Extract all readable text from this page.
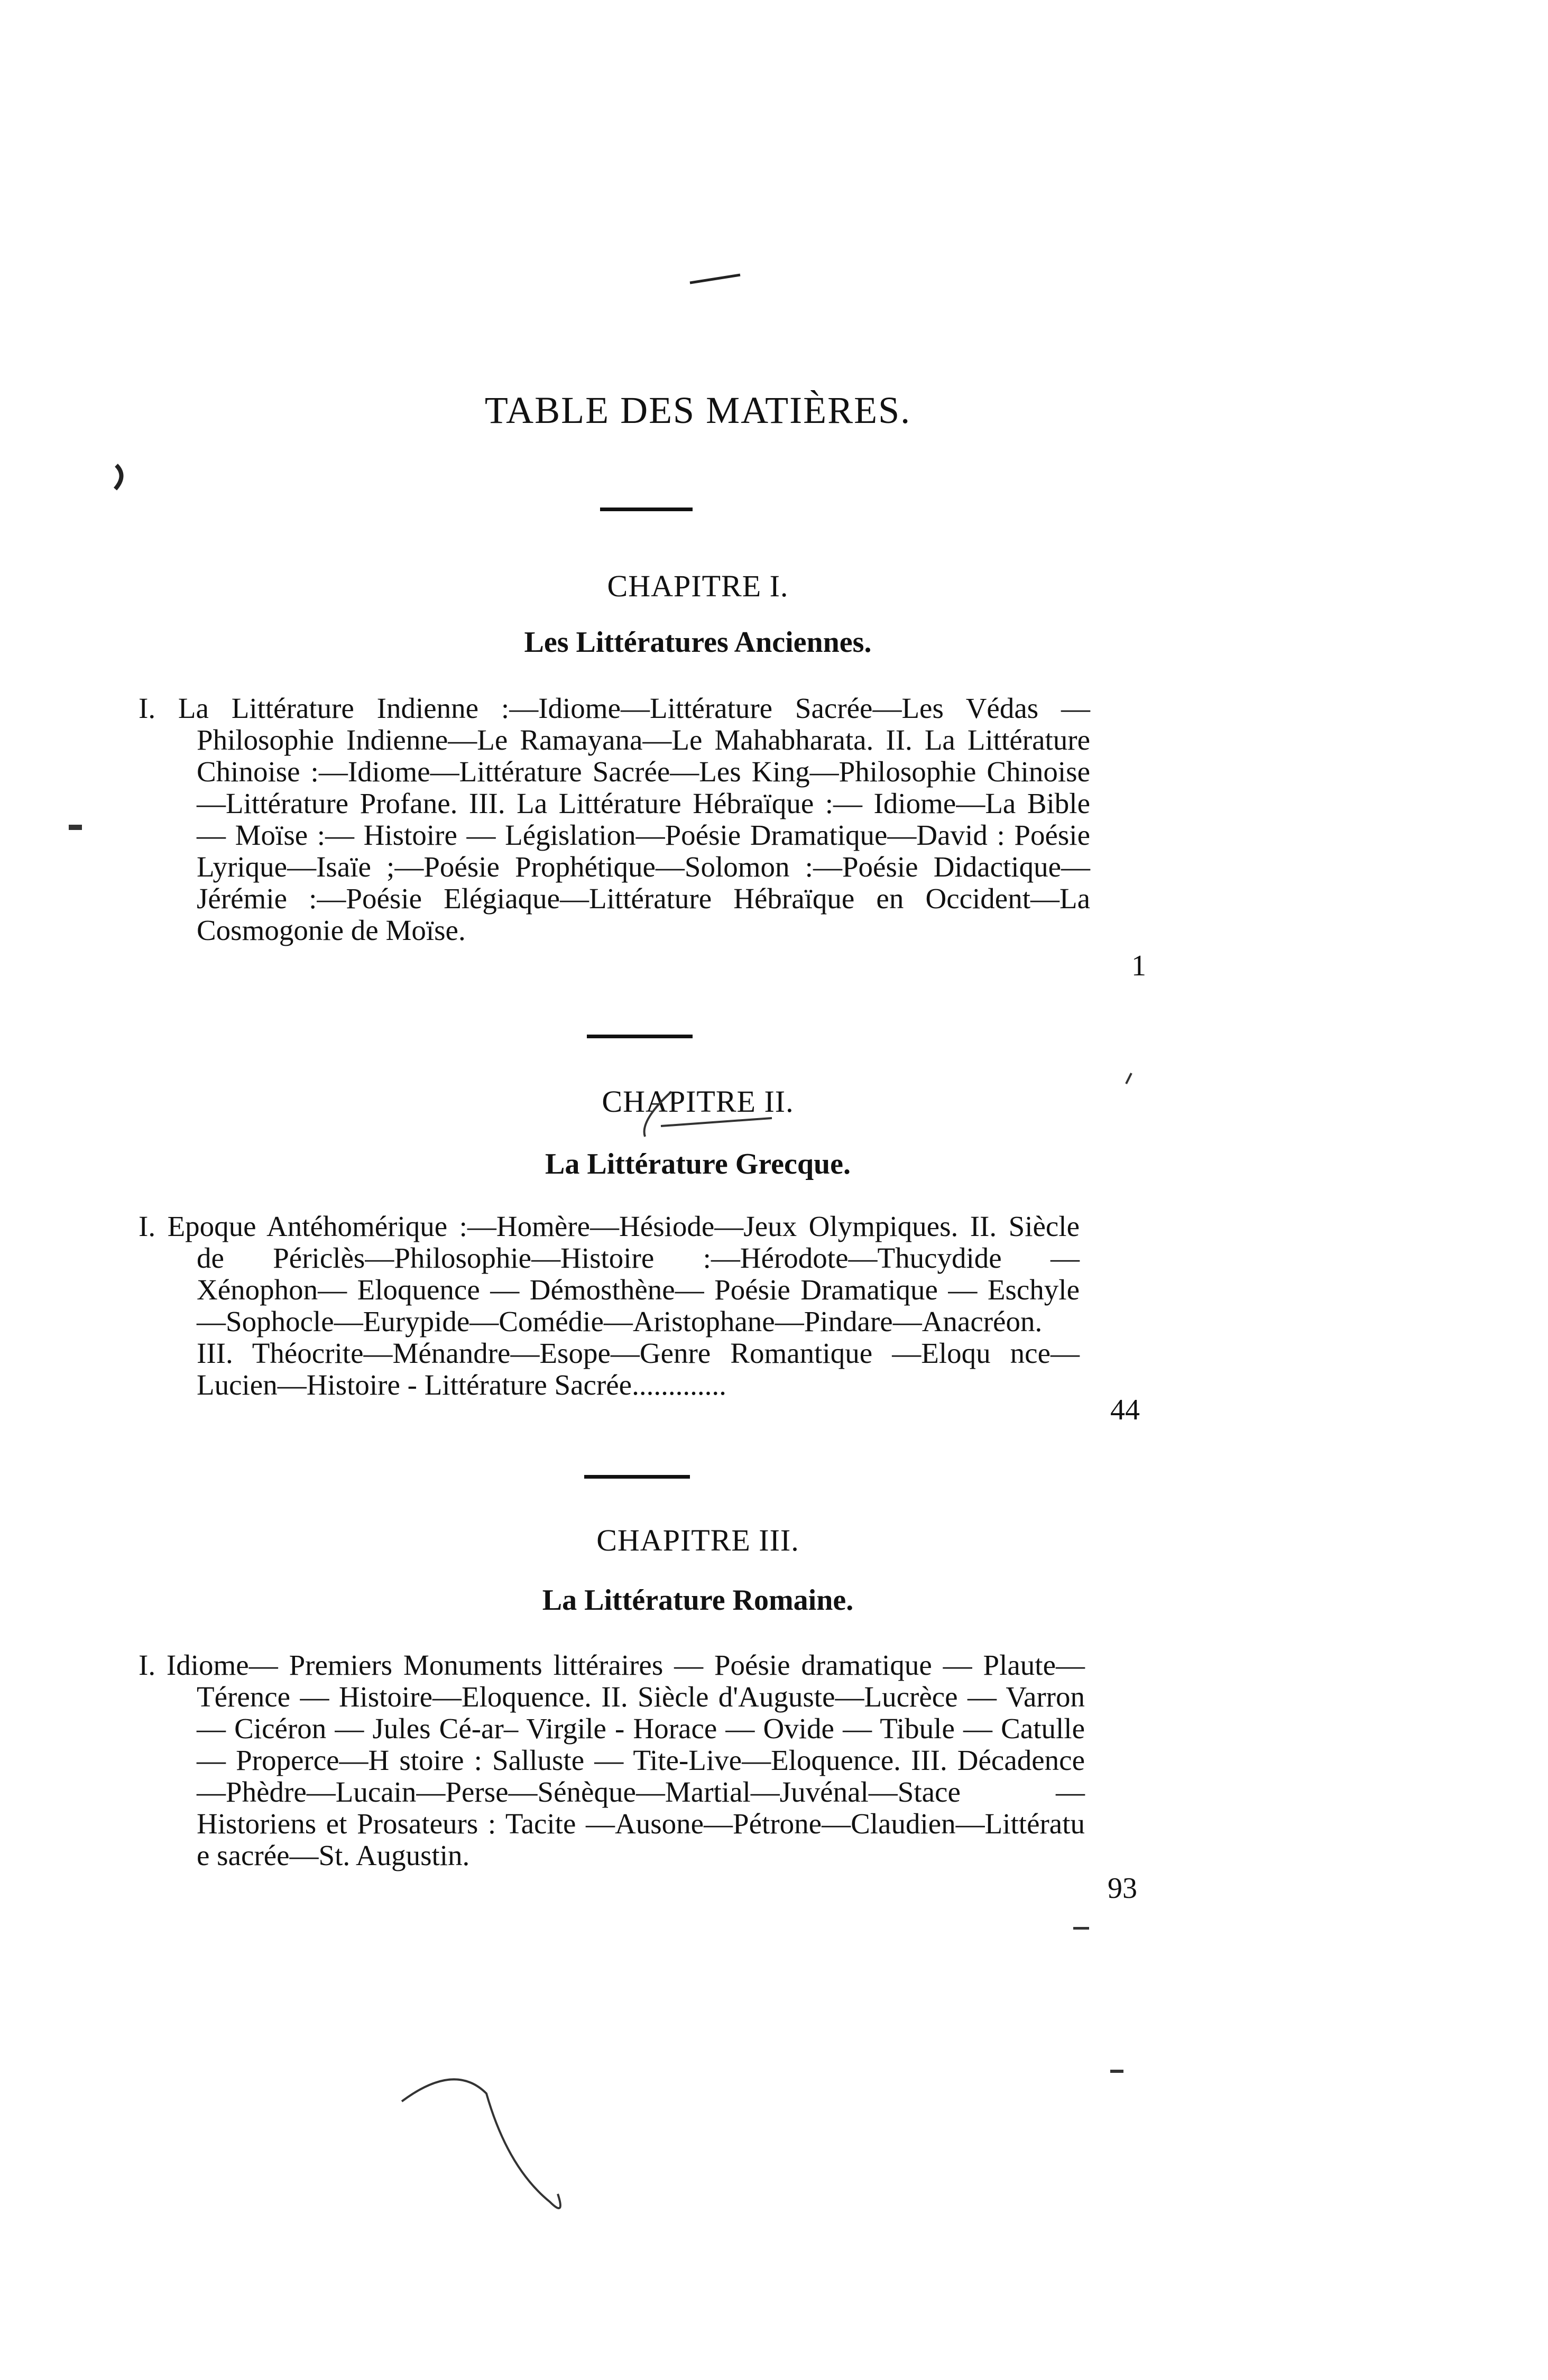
TABLE DES MATIÈRES.
CHAPITRE I.
Les Littératures Anciennes.
I. La Littérature Indienne :—Idiome—Littérature Sacrée—Les Védas —Philosophie Indienne—Le Ramayana—Le Mahabharata. II. La Littérature Chinoise :—Idiome—Littérature Sacrée—Les King—Philosophie Chinoise—Littérature Profane. III. La Littérature Hébraïque :— Idiome—La Bible — Moïse :— Histoire — Législation—Poésie Dramatique—David : Poésie Lyrique—Isaïe ;—Poésie Prophétique—Solomon :—Poésie Didactique—Jérémie :—Poésie Elégiaque—Littérature Hébraïque en Occident—La Cosmogonie de Moïse.
1
CHAPITRE II.
La Littérature Grecque.
I. Epoque Antéhomérique :—Homère—Hésiode—Jeux Olympiques. II. Siècle de Périclès—Philosophie—Histoire :—Hérodote—Thucydide — Xénophon— Eloquence — Démosthène— Poésie Dramatique — Eschyle—Sophocle—Eurypide—Comédie—Aristophane—Pindare—Anacréon. III. Théocrite—Ménandre—Esope—Genre Romantique —Eloqu nce—Lucien—Histoire - Littérature Sacrée.............
44
CHAPITRE III.
La Littérature Romaine.
I. Idiome— Premiers Monuments littéraires — Poésie dramatique — Plaute—Térence — Histoire—Eloquence. II. Siècle d'Auguste—Lucrèce — Varron — Cicéron — Jules Cé-ar– Virgile - Horace — Ovide — Tibule — Catulle — Properce—H stoire : Salluste — Tite-Live—Eloquence. III. Décadence—Phèdre—Lucain—Perse—Sénèque—Martial—Juvénal—Stace — Historiens et Prosateurs : Tacite —Ausone—Pétrone—Claudien—Littératu e sacrée—St. Augustin.
93
